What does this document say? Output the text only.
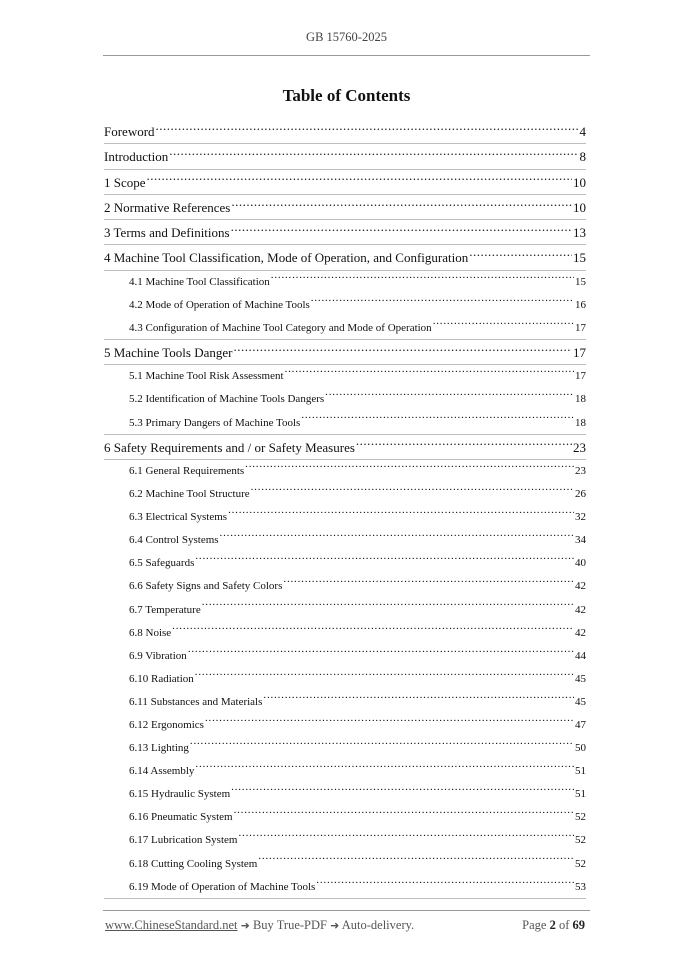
GB 15760-2025
Table of Contents
Foreword .....	4
Introduction .....	8
1 Scope .....	10
2 Normative References .....	10
3 Terms and Definitions .....	13
4 Machine Tool Classification, Mode of Operation, and Configuration .....	15
4.1 Machine Tool Classification .....	15
4.2 Mode of Operation of Machine Tools .....	16
4.3 Configuration of Machine Tool Category and Mode of Operation .....	17
5 Machine Tools Danger .....	17
5.1 Machine Tool Risk Assessment .....	17
5.2 Identification of Machine Tools Dangers .....	18
5.3 Primary Dangers of Machine Tools .....	18
6 Safety Requirements and / or Safety Measures .....	23
6.1 General Requirements .....	23
6.2 Machine Tool Structure .....	26
6.3 Electrical Systems .....	32
6.4 Control Systems .....	34
6.5 Safeguards .....	40
6.6 Safety Signs and Safety Colors .....	42
6.7 Temperature .....	42
6.8 Noise .....	42
6.9 Vibration .....	44
6.10 Radiation .....	45
6.11 Substances and Materials .....	45
6.12 Ergonomics .....	47
6.13 Lighting .....	50
6.14 Assembly .....	51
6.15 Hydraulic System .....	51
6.16 Pneumatic System .....	52
6.17 Lubrication System .....	52
6.18 Cutting Cooling System .....	52
6.19 Mode of Operation of Machine Tools .....	53
www.ChineseStandard.net ➜ Buy True-PDF ➜ Auto-delivery.	Page 2 of 69
